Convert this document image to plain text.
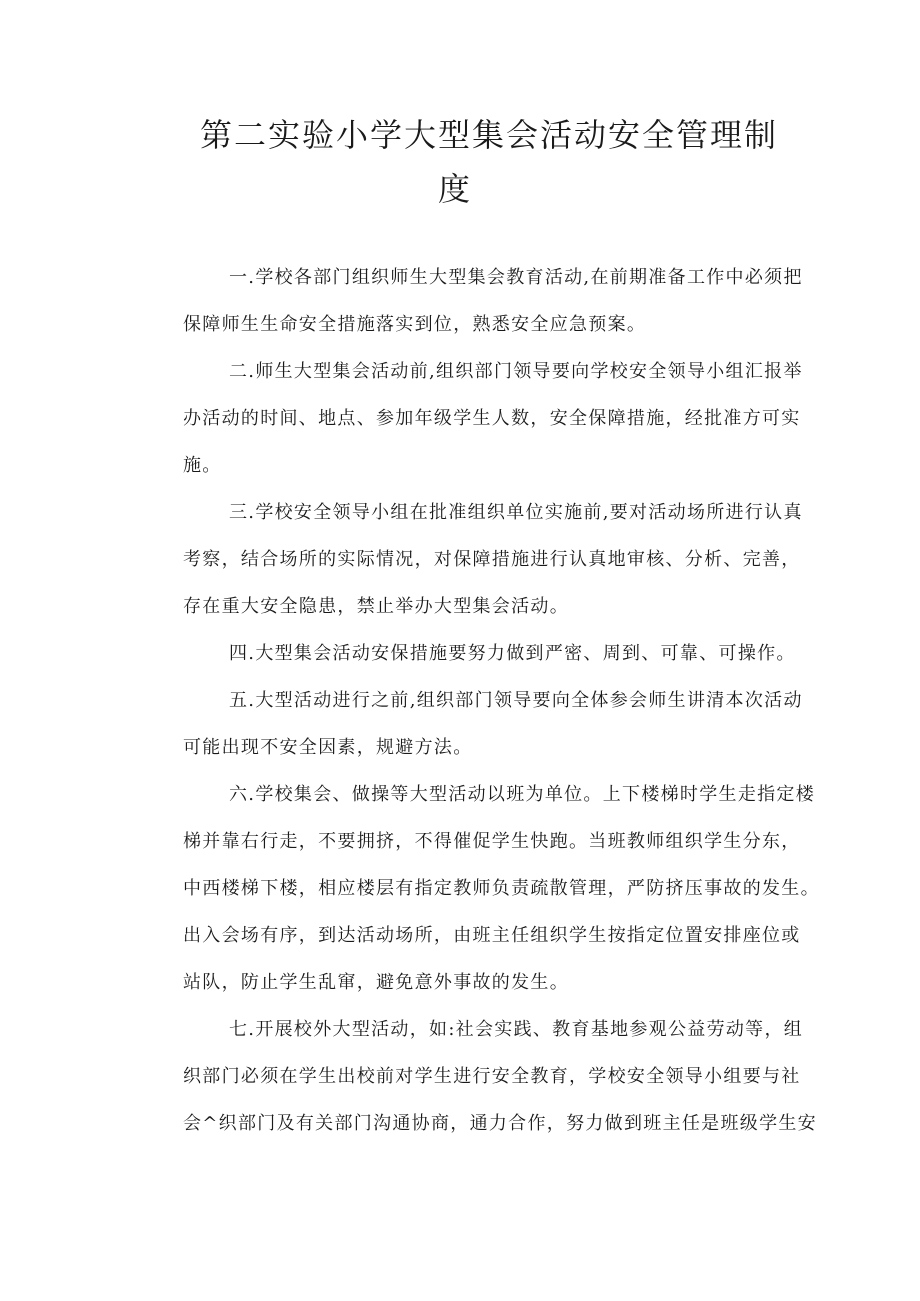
第二实验小学大型集会活动安全管理制
度
一.学校各部门组织师生大型集会教育活动,在前期准备工作中必须把
保障师生生命安全措施落实到位，熟悉安全应急预案。
二.师生大型集会活动前,组织部门领导要向学校安全领导小组汇报举
办活动的时间、地点、参加年级学生人数，安全保障措施，经批准方可实
施。
三.学校安全领导小组在批准组织单位实施前,要对活动场所进行认真
考察，结合场所的实际情况，对保障措施进行认真地审核、分析、完善，
存在重大安全隐患，禁止举办大型集会活动。
四.大型集会活动安保措施要努力做到严密、周到、可靠、可操作。
五.大型活动进行之前,组织部门领导要向全体参会师生讲清本次活动
可能出现不安全因素，规避方法。
六.学校集会、做操等大型活动以班为单位。上下楼梯时学生走指定楼
梯并靠右行走，不要拥挤，不得催促学生快跑。当班教师组织学生分东，
中西楼梯下楼，相应楼层有指定教师负责疏散管理，严防挤压事故的发生。
出入会场有序，到达活动场所，由班主任组织学生按指定位置安排座位或
站队，防止学生乱窜，避免意外事故的发生。
七.开展校外大型活动，如:社会实践、教育基地参观公益劳动等，组
织部门必须在学生出校前对学生进行安全教育，学校安全领导小组要与社
会^织部门及有关部门沟通协商，通力合作，努力做到班主任是班级学生安
